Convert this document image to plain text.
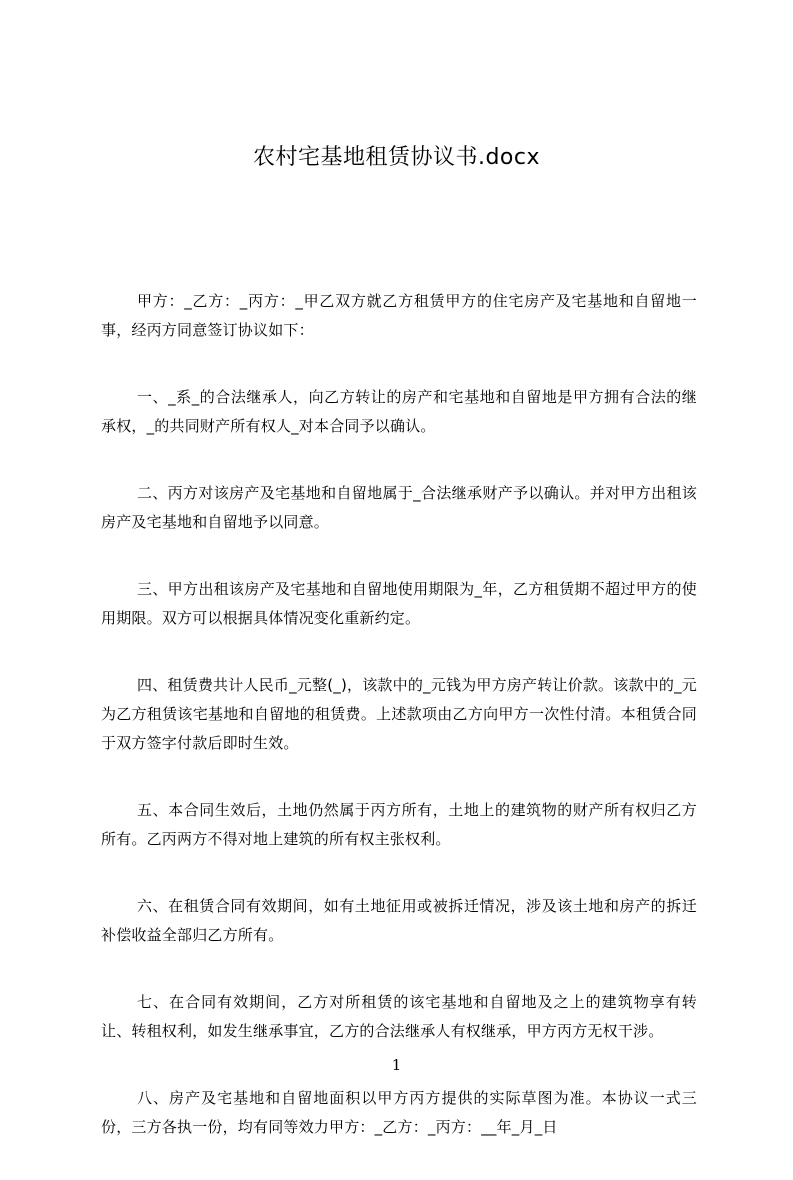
农村宅基地租赁协议书.docx

甲方：_乙方：_丙方：_甲乙双方就乙方租赁甲方的住宅房产及宅基地和自留地一事，经丙方同意签订协议如下：

一、_系_的合法继承人，向乙方转让的房产和宅基地和自留地是甲方拥有合法的继承权，_的共同财产所有权人_对本合同予以确认。

二、丙方对该房产及宅基地和自留地属于_合法继承财产予以确认。并对甲方出租该房产及宅基地和自留地予以同意。

三、甲方出租该房产及宅基地和自留地使用期限为_年，乙方租赁期不超过甲方的使用期限。双方可以根据具体情况变化重新约定。

四、租赁费共计人民币_元整(_)，该款中的_元钱为甲方房产转让价款。该款中的_元为乙方租赁该宅基地和自留地的租赁费。上述款项由乙方向甲方一次性付清。本租赁合同于双方签字付款后即时生效。

五、本合同生效后，土地仍然属于丙方所有，土地上的建筑物的财产所有权归乙方所有。乙丙两方不得对地上建筑的所有权主张权利。

六、在租赁合同有效期间，如有土地征用或被拆迁情况，涉及该土地和房产的拆迁补偿收益全部归乙方所有。

七、在合同有效期间，乙方对所租赁的该宅基地和自留地及之上的建筑物享有转让、转租权利，如发生继承事宜，乙方的合法继承人有权继承，甲方丙方无权干涉。

八、房产及宅基地和自留地面积以甲方丙方提供的实际草图为准。本协议一式三份，三方各执一份，均有同等效力甲方：_乙方：_丙方：__年_月_日

1
